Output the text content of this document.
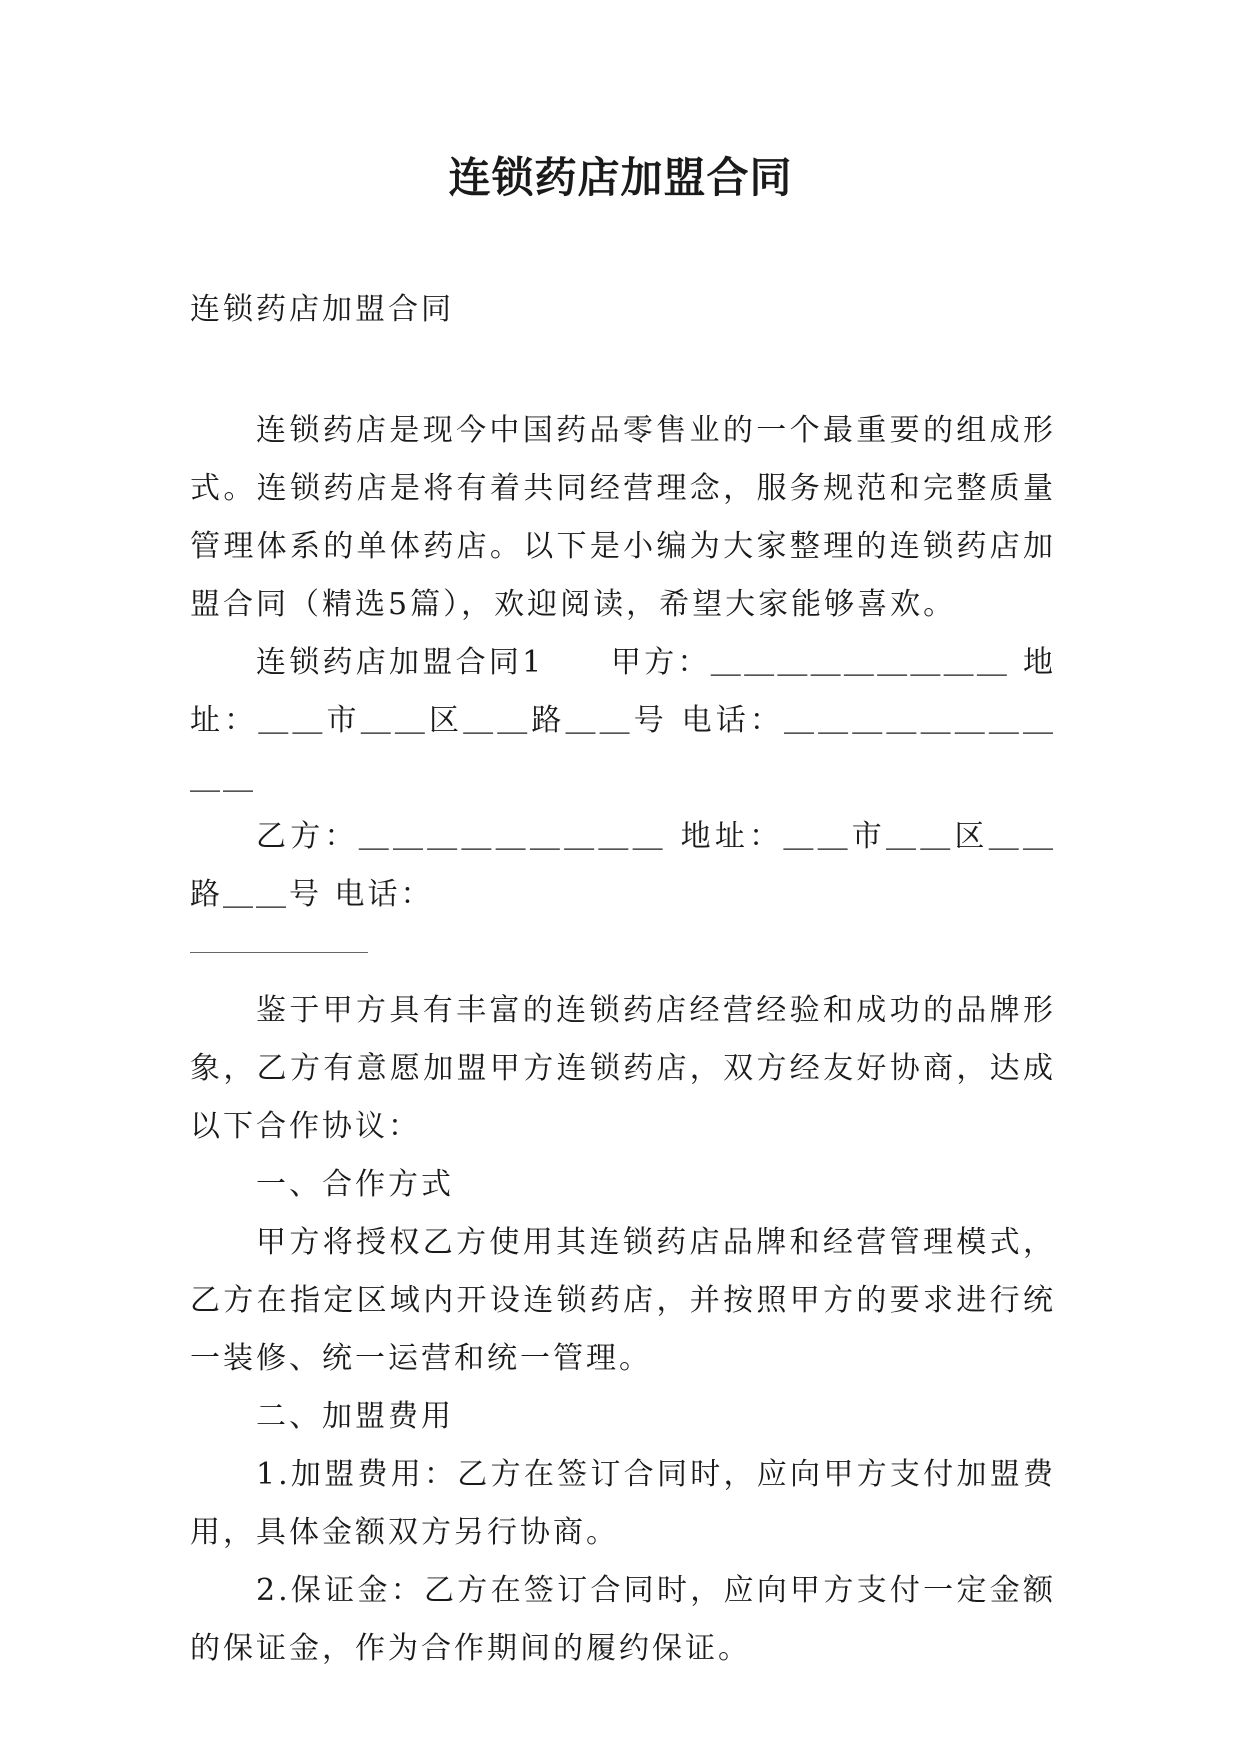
连锁药店加盟合同
连锁药店加盟合同

连锁药店是现今中国药品零售业的一个最重要的组成形式。连锁药店是将有着共同经营理念，服务规范和完整质量管理体系的单体药店。以下是小编为大家整理的连锁药店加盟合同（精选5篇），欢迎阅读，希望大家能够喜欢。

连锁药店加盟合同1　　甲方：＿＿＿＿＿＿＿＿＿ 地址：＿＿市＿＿区＿＿路＿＿号 电话：＿＿＿＿＿＿＿＿＿＿

乙方：＿＿＿＿＿＿＿＿＿ 地址：＿＿市＿＿区＿＿路＿＿号 电话：

鉴于甲方具有丰富的连锁药店经营经验和成功的品牌形象，乙方有意愿加盟甲方连锁药店，双方经友好协商，达成以下合作协议：

一、合作方式

甲方将授权乙方使用其连锁药店品牌和经营管理模式，乙方在指定区域内开设连锁药店，并按照甲方的要求进行统一装修、统一运营和统一管理。

二、加盟费用

1.加盟费用：乙方在签订合同时，应向甲方支付加盟费用，具体金额双方另行协商。

2.保证金：乙方在签订合同时，应向甲方支付一定金额的保证金，作为合作期间的履约保证。
